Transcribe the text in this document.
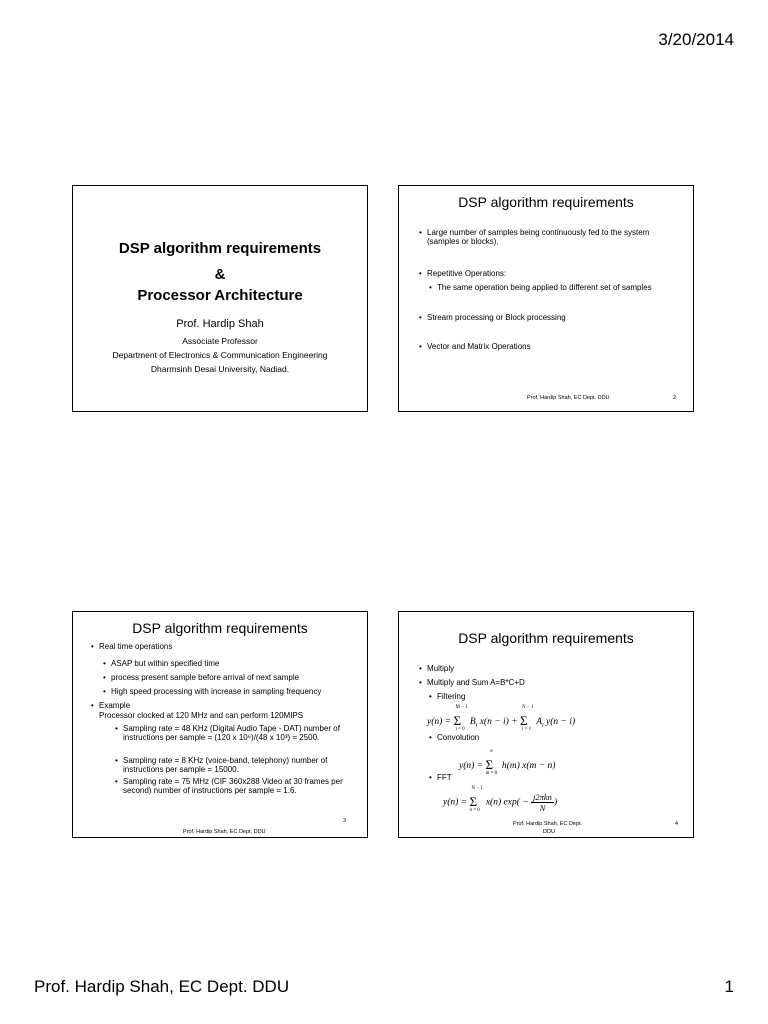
3/20/2014
DSP algorithm requirements
&
Processor Architecture
Prof. Hardip Shah
Associate Professor
Department of Electronics & Communication Engineering
Dharmsinh Desai University, Nadiad.
DSP algorithm requirements
• Large number of samples being continuously fed to the system (samples or blocks).
• Repetitive Operations:
• The same operation being applied to different set of samples
• Stream processing or Block processing
• Vector and Matrix Operations
Prof. Hardip Shah, EC Dept. DDU	2
DSP algorithm requirements
• Real time operations
• ASAP but within specified time
• process present sample before arrival of next sample
• High speed processing with increase in sampling frequency
• Example
Processor clocked at 120 MHz and can perform 120MIPS
• Sampling rate = 48 KHz (Digital Audio Tape - DAT) number of instructions per sample = (120 x 10⁶)/(48 x 10³) = 2500.
• Sampling rate = 8 KHz (voice-band, telephony) number of instructions per sample = 15000.
• Sampling rate = 75 MHz (CIF 360x288 Video at 30 frames per second) number of instructions per sample = 1.6.
3
Prof. Hardip Shah, EC Dept. DDU
DSP algorithm requirements
• Multiply
• Multiply and Sum A=B*C+D
• Filtering
y(n) =
M − 1
Σ
i = 0
$B_i$ x(n − i) +
N − 1
Σ
i = 1
$A_i$ y(n − i)
• Convolution
y(n) =
∞
Σ
m = 0
h(m) x(m − n)
• FFT
y(n) =
N − 1
Σ
n = 0
x(n) $\exp( - \frac{\text{j2πkn}}{N}$ )
Prof. Hardip Shah, EC Dept.
DDU
4
Prof. Hardip Shah, EC Dept. DDU	1
